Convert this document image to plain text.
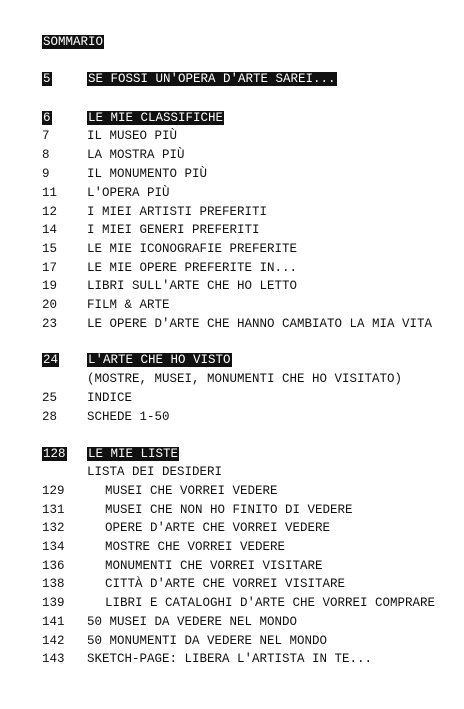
SOMMARIO
5	SE FOSSI UN'OPERA D'ARTE SAREI...
6	LE MIE CLASSIFICHE
7	IL MUSEO PIÙ
8	LA MOSTRA PIÙ
9	IL MONUMENTO PIÙ
11 L'OPERA PIÙ
12 I MIEI ARTISTI PREFERITI
14 I MIEI GENERI PREFERITI
15 LE MIE ICONOGRAFIE PREFERITE
17 LE MIE OPERE PREFERITE IN...
19 LIBRI SULL'ARTE CHE HO LETTO
20 FILM & ARTE
23 LE OPERE D'ARTE CHE HANNO CAMBIATO LA MIA VITA
24 L'ARTE CHE HO VISTO
(MOSTRE, MUSEI, MONUMENTI CHE HO VISITATO)
25 INDICE
28 SCHEDE 1-50
128 LE MIE LISTE
LISTA DEI DESIDERI
129	MUSEI CHE VORREI VEDERE
131	MUSEI CHE NON HO FINITO DI VEDERE
132	OPERE D'ARTE CHE VORREI VEDERE
134	MOSTRE CHE VORREI VEDERE
136	MONUMENTI CHE VORREI VISITARE
138	CITTÀ D'ARTE CHE VORREI VISITARE
139	LIBRI E CATALOGHI D'ARTE CHE VORREI COMPRARE
141 50 MUSEI DA VEDERE NEL MONDO
142 50 MONUMENTI DA VEDERE NEL MONDO
143 SKETCH-PAGE: LIBERA L'ARTISTA IN TE...
